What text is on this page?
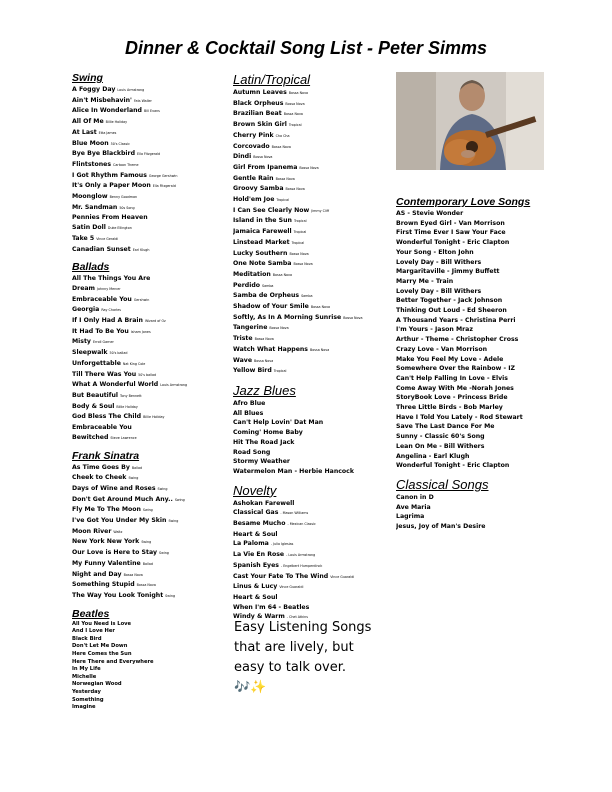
Dinner & Cocktail Song List - Peter Simms
Swing
A Foggy Day Louis Armstrong
Ain't Misbehavin' Fats Waller
Alice In Wonderland Bill Evans
All Of Me Billie Holiday
At Last Etta James
Blue Moon 50's Classic
Bye Bye Blackbird Ella Fitzgerald
Flintstones Cartoon Theme
I Got Rhythm Famous George Gershwin
It's Only a Paper Moon Ella Fitzgerald
Moonglow Benny Goodman
Mr. Sandman 50s Song
Pennies From Heaven
Satin Doll Duke Ellington
Take 5 Vince Geraldi
Canadian Sunset Earl Klugh
Ballads
All The Things You Are
Dream Johnny Mercer
Embraceable You Gershwin
Georgia Ray Charles
If I Only Had A Brain Wizard of Oz
It Had To Be You Isham Jones
Misty Erroll Garner
Sleepwalk 50's ballad
Unforgettable Nat King Cole
Till There Was You 50's ballad
What A Wonderful World Louis Armstrong
But Beautiful Tony Bennett
Body & Soul Billie Holiday
God Bless The Child Billie Holiday
Embraceable You
Bewitched Steve Lawrence
Frank Sinatra
As Time Goes By Ballad
Cheek to Cheek Swing
Days of Wine and Roses Swing
Don't Get Around Much Any.. Swing
Fly Me To The Moon Swing
I've Got You Under My Skin Swing
Moon River Waltz
New York New York Swing
Our Love is Here to Stay Swing
My Funny Valentine Ballad
Night and Day Bossa Nova
Something Stupid Bossa Nova
The Way You Look Tonight Swing
Beatles
All You Need is Love
And I Love Her
Black Bird
Don't Let Me Down
Here Comes the Sun
Here There and Everywhere
In My Life
Michelle
Norwegian Wood
Yesterday
Something
Imagine
Latin/Tropical
Autumn Leaves Bossa Nova
Black Orpheus Bossa Nova
Brazilian Beat Bossa Nova
Brown Skin Girl Tropical
Cherry Pink Cha Cha
Corcovado Bossa Nova
Dindi Bossa Nova
Girl From Ipanema Bossa Nova
Gentle Rain Bossa Nova
Groovy Samba Bossa Nova
Hold'em Joe Tropical
I Can See Clearly Now Jimmy Cliff
Island in the Sun Tropical
Jamaica Farewell Tropical
Linstead Market Tropical
Lucky Southern Bossa Nova
One Note Samba Bossa Nova
Meditation Bossa Nova
Perdido Samba
Samba de Orpheus Samba
Shadow of Your Smile Bossa Nova
Softly, As In A Morning Sunrise Bossa Nova
Tangerine Bossa Nova
Triste Bossa Nova
Watch What Happens Bossa Nova
Wave Bossa Nova
Yellow Bird Tropical
Jazz Blues
Afro Blue
All Blues
Can't Help Lovin' Dat Man
Coming' Home Baby
Hit The Road Jack
Road Song
Stormy Weather
Watermelon Man - Herbie Hancock
Novelty
Ashokan Farewell
Classical Gas - Mason Williams
Besame Mucho - Mexican Classic
Heart & Soul
La Paloma - Julio Iglesias
La Vie En Rose - Louis Armstrong
Spanish Eyes - Engelbert Humperdinck
Cast Your Fate To The Wind Vince Guaraldi
Linus & Lucy Vince Guaraldi
Heart & Soul
When I'm 64 - Beatles
Windy & Warm - Chet Atkins
Contemporary Love Songs
AS - Stevie Wonder
Brown Eyed Girl - Van Morrison
First Time Ever I Saw Your Face
Wonderful Tonight - Eric Clapton
Your Song - Elton John
Lovely Day - Bill Withers
Margaritaville - Jimmy Buffett
Marry Me - Train
Lovely Day - Bill Withers
Better Together - Jack Johnson
Thinking Out Loud - Ed Sheeron
A Thousand Years - Christina Perri
I'm Yours - Jason Mraz
Arthur - Theme - Christopher Cross
Crazy Love - Van Morrison
Make You Feel My Love - Adele
Somewhere Over the Rainbow - IZ
Can't Help Falling In Love - Elvis
Come Away With Me -Norah Jones
StoryBook Love - Princess Bride
Three Little Birds - Bob Marley
Have I Told You Lately - Rod Stewart
Save The Last Dance For Me
Sunny - Classic 60's Song
Lean On Me - Bill Withers
Angelina - Earl Klugh
Wonderful Tonight - Eric Clapton
Classical Songs
Canon in D
Ave Maria
Lagrima
Jesus, Joy of Man's Desire
Easy Listening Songs that are lively, but easy to talk over. 🎶✨
